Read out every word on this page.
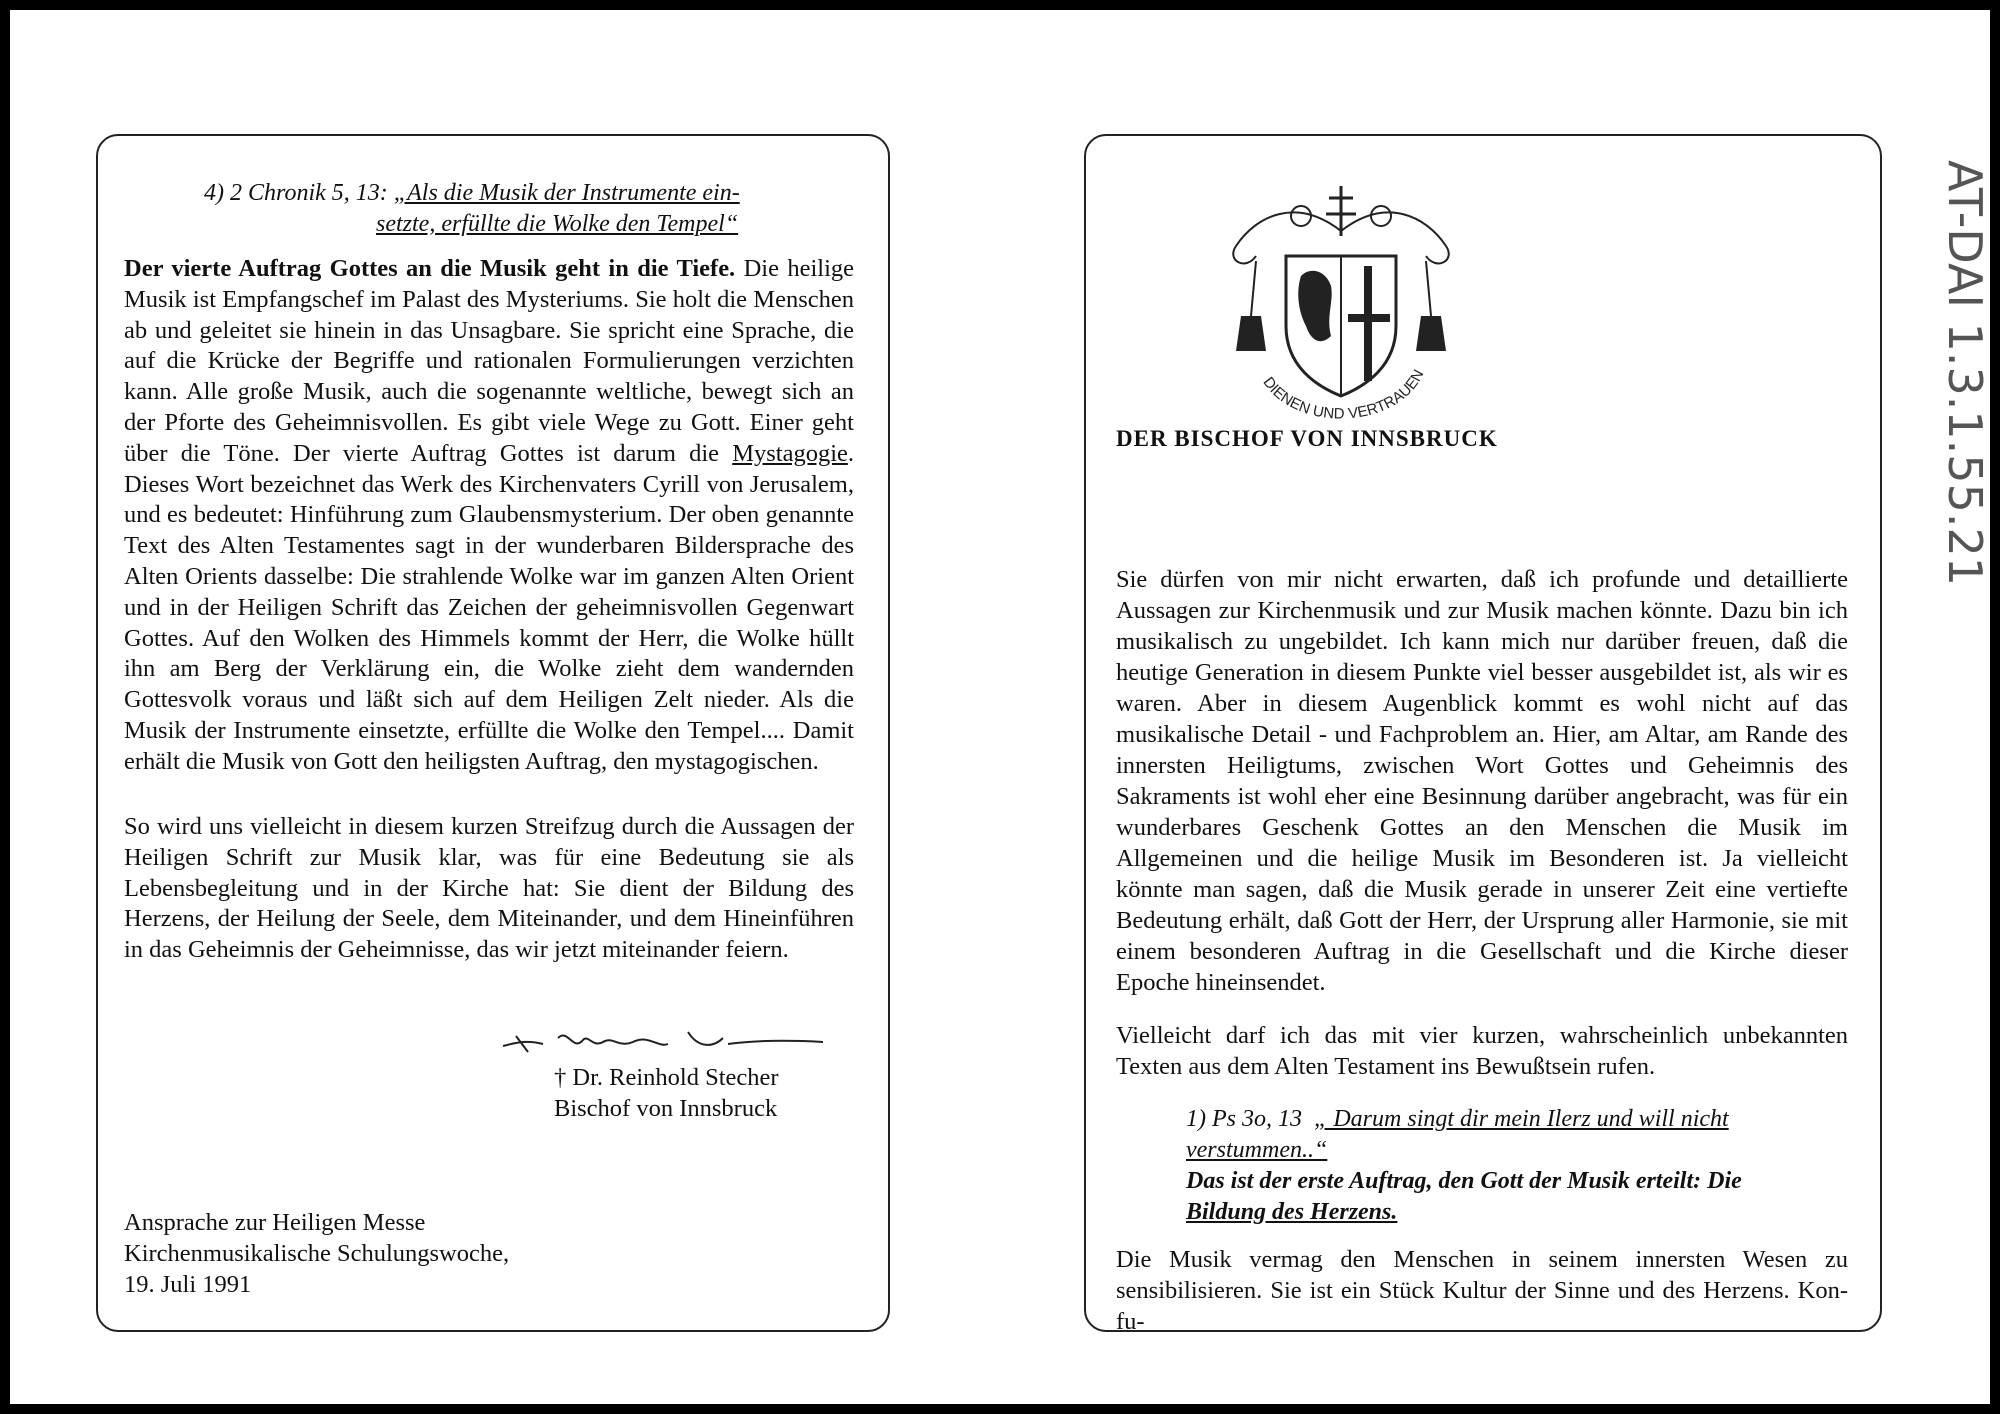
4) 2 Chronik 5, 13: „Als die Musik der Instrumente ein-

setzte, erfüllte die Wolke den Tempel“

Der vierte Auftrag Gottes an die Musik geht in die Tiefe. Die heilige Musik ist Empfangschef im Palast des Mysteriums. Sie holt die Menschen ab und geleitet sie hinein in das Unsagbare. Sie spricht eine Sprache, die auf die Krücke der Begriffe und rationalen Formulierungen verzichten kann. Alle große Musik, auch die sogenannte weltliche, bewegt sich an der Pforte des Geheimnisvollen. Es gibt viele Wege zu Gott. Einer geht über die Töne. Der vierte Auftrag Gottes ist darum die Mystagogie. Dieses Wort bezeichnet das Werk des Kirchenvaters Cyrill von Jerusalem, und es bedeutet: Hinführung zum Glaubensmysterium. Der oben genannte Text des Alten Testamentes sagt in der wunderbaren Bildersprache des Alten Orients dasselbe: Die strahlende Wolke war im ganzen Alten Orient und in der Heiligen Schrift das Zeichen der geheimnisvollen Gegenwart Gottes. Auf den Wolken des Himmels kommt der Herr, die Wolke hüllt ihn am Berg der Verklärung ein, die Wolke zieht dem wandernden Gottesvolk voraus und läßt sich auf dem Heiligen Zelt nieder. Als die Musik der Instrumente einsetzte, erfüllte die Wolke den Tempel.... Damit erhält die Musik von Gott den heiligsten Auftrag, den mystagogischen.

So wird uns vielleicht in diesem kurzen Streifzug durch die Aussagen der Heiligen Schrift zur Musik klar, was für eine Bedeutung sie als Lebensbegleitung und in der Kirche hat: Sie dient der Bildung des Herzens, der Heilung der Seele, dem Miteinander, und dem Hineinführen in das Geheimnis der Geheimnisse, das wir jetzt miteinander feiern.

† Dr. Reinhold Stecher
Bischof von Innsbruck

Ansprache zur Heiligen Messe
Kirchenmusikalische Schulungswoche,
19. Juli 1991

DIENEN UND VERTRAUEN

DER BISCHOF VON INNSBRUCK

Sie dürfen von mir nicht erwarten, daß ich profunde und detaillierte Aussagen zur Kirchenmusik und zur Musik machen könnte. Dazu bin ich musikalisch zu ungebildet. Ich kann mich nur darüber freuen, daß die heutige Generation in diesem Punkte viel besser ausgebildet ist, als wir es waren. Aber in diesem Augenblick kommt es wohl nicht auf das musikalische Detail - und Fachproblem an. Hier, am Altar, am Rande des innersten Heiligtums, zwischen Wort Gottes und Geheimnis des Sakraments ist wohl eher eine Besinnung darüber angebracht, was für ein wunderbares Geschenk Gottes an den Menschen die Musik im Allgemeinen und die heilige Musik im Besonderen ist. Ja vielleicht könnte man sagen, daß die Musik gerade in unserer Zeit eine vertiefte Bedeutung erhält, daß Gott der Herr, der Ursprung aller Harmonie, sie mit einem besonderen Auftrag in die Gesellschaft und die Kirche dieser Epoche hineinsendet.

Vielleicht darf ich das mit vier kurzen, wahrscheinlich unbekannten Texten aus dem Alten Testament ins Bewußtsein rufen.

1) Ps 3o, 13 „ Darum singt dir mein Ilerz und will nicht
verstummen..“
Das ist der erste Auftrag, den Gott der Musik erteilt: Die
Bildung des Herzens.

Die Musik vermag den Menschen in seinem innersten Wesen zu sensibilisieren. Sie ist ein Stück Kultur der Sinne und des Herzens. Kon-fu-

AT-DAI 1.3.1.55.21
